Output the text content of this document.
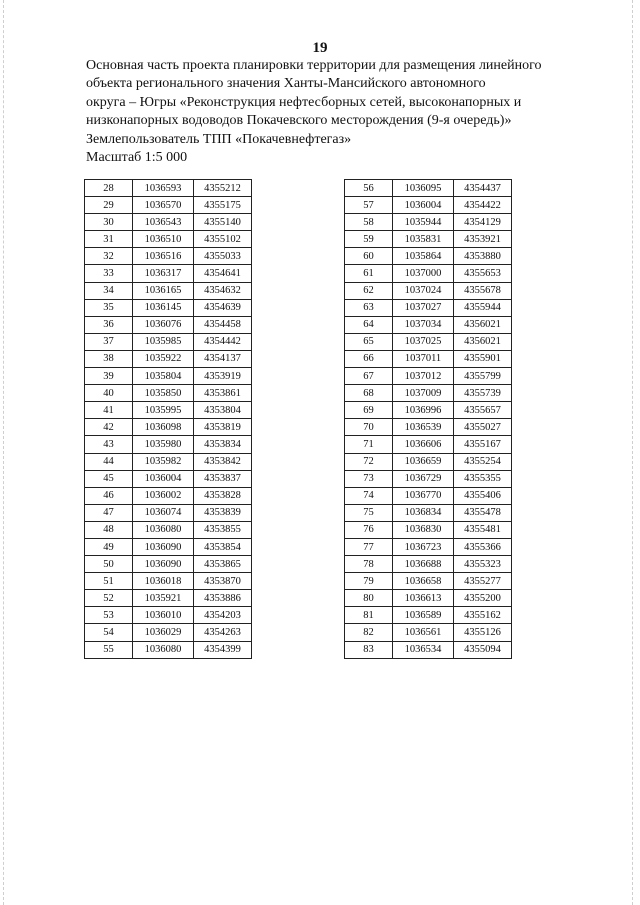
19
Основная часть проекта планировки территории для размещения линейного
объекта регионального значения Ханты-Мансийского автономного
округа – Югры «Реконструкция нефтесборных сетей, высоконапорных и
низконапорных водоводов Покачевского месторождения (9-я очередь)»
Землепользователь ТПП «Покачевнефтегаз»
Масштаб 1:5 000
28	1036593	4355212
29	1036570	4355175
30	1036543	4355140
31	1036510	4355102
32	1036516	4355033
33	1036317	4354641
34	1036165	4354632
35	1036145	4354639
36	1036076	4354458
37	1035985	4354442
38	1035922	4354137
39	1035804	4353919
40	1035850	4353861
41	1035995	4353804
42	1036098	4353819
43	1035980	4353834
44	1035982	4353842
45	1036004	4353837
46	1036002	4353828
47	1036074	4353839
48	1036080	4353855
49	1036090	4353854
50	1036090	4353865
51	1036018	4353870
52	1035921	4353886
53	1036010	4354203
54	1036029	4354263
55	1036080	4354399
56	1036095	4354437
57	1036004	4354422
58	1035944	4354129
59	1035831	4353921
60	1035864	4353880
61	1037000	4355653
62	1037024	4355678
63	1037027	4355944
64	1037034	4356021
65	1037025	4356021
66	1037011	4355901
67	1037012	4355799
68	1037009	4355739
69	1036996	4355657
70	1036539	4355027
71	1036606	4355167
72	1036659	4355254
73	1036729	4355355
74	1036770	4355406
75	1036834	4355478
76	1036830	4355481
77	1036723	4355366
78	1036688	4355323
79	1036658	4355277
80	1036613	4355200
81	1036589	4355162
82	1036561	4355126
83	1036534	4355094
